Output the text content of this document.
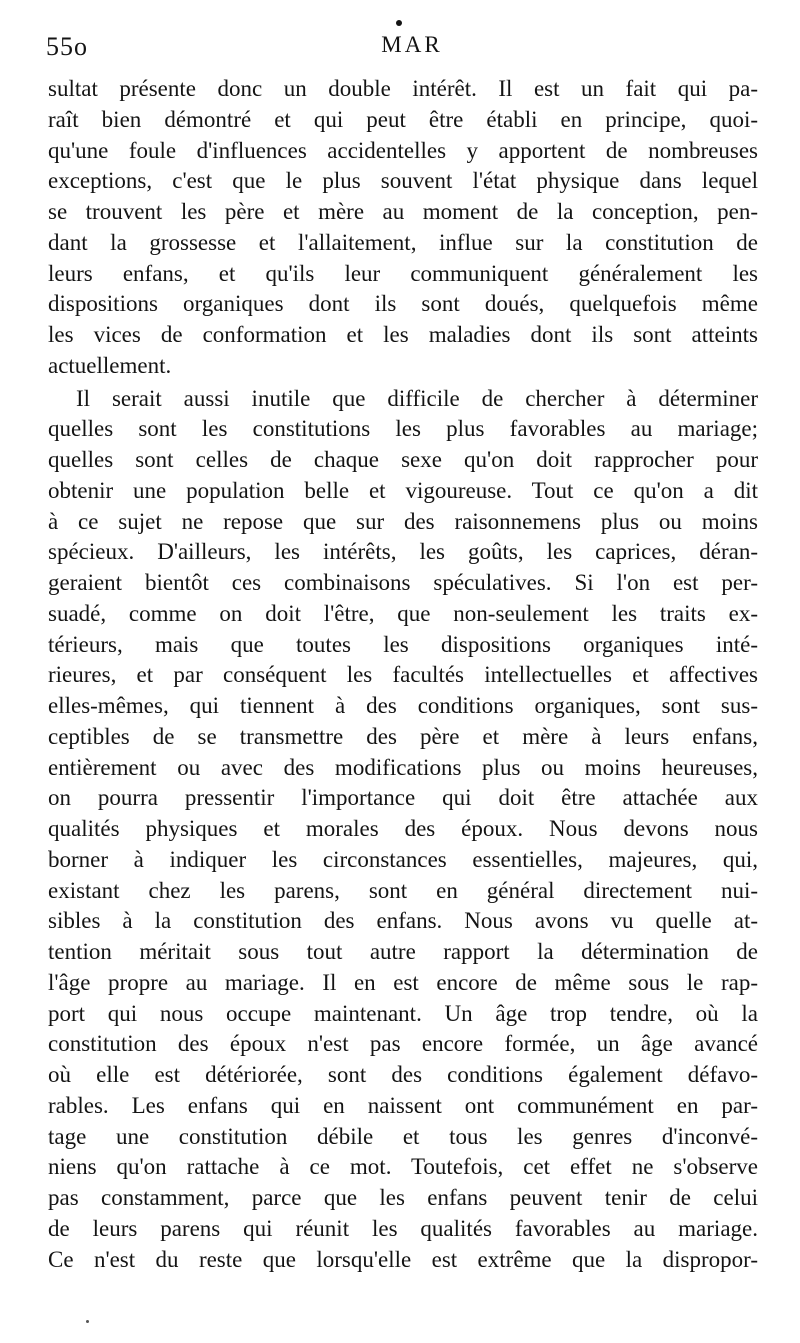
55o	MAR
sultat présente donc un double intérêt. Il est un fait qui pa-
raît bien démontré et qui peut être établi en principe, quoi-
qu'une foule d'influences accidentelles y apportent de nombreuses
exceptions, c'est que le plus souvent l'état physique dans lequel
se trouvent les père et mère au moment de la conception, pen-
dant la grossesse et l'allaitement, influe sur la constitution de
leurs enfans, et qu'ils leur communiquent généralement les
dispositions organiques dont ils sont doués, quelquefois même
les vices de conformation et les maladies dont ils sont atteints
actuellement.
Il serait aussi inutile que difficile de chercher à déterminer
quelles sont les constitutions les plus favorables au mariage;
quelles sont celles de chaque sexe qu'on doit rapprocher pour
obtenir une population belle et vigoureuse. Tout ce qu'on a dit
à ce sujet ne repose que sur des raisonnemens plus ou moins
spécieux. D'ailleurs, les intérêts, les goûts, les caprices, déran-
geraient bientôt ces combinaisons spéculatives. Si l'on est per-
suadé, comme on doit l'être, que non-seulement les traits ex-
térieurs, mais que toutes les dispositions organiques inté-
rieures, et par conséquent les facultés intellectuelles et affectives
elles-mêmes, qui tiennent à des conditions organiques, sont sus-
ceptibles de se transmettre des père et mère à leurs enfans,
entièrement ou avec des modifications plus ou moins heureuses,
on pourra pressentir l'importance qui doit être attachée aux
qualités physiques et morales des époux. Nous devons nous
borner à indiquer les circonstances essentielles, majeures, qui,
existant chez les parens, sont en général directement nui-
sibles à la constitution des enfans. Nous avons vu quelle at-
tention méritait sous tout autre rapport la détermination de
l'âge propre au mariage. Il en est encore de même sous le rap-
port qui nous occupe maintenant. Un âge trop tendre, où la
constitution des époux n'est pas encore formée, un âge avancé
où elle est détériorée, sont des conditions également défavo-
rables. Les enfans qui en naissent ont communément en par-
tage une constitution débile et tous les genres d'inconvé-
niens qu'on rattache à ce mot. Toutefois, cet effet ne s'observe
pas constamment, parce que les enfans peuvent tenir de celui
de leurs parens qui réunit les qualités favorables au mariage.
Ce n'est du reste que lorsqu'elle est extrême que la dispropor-
